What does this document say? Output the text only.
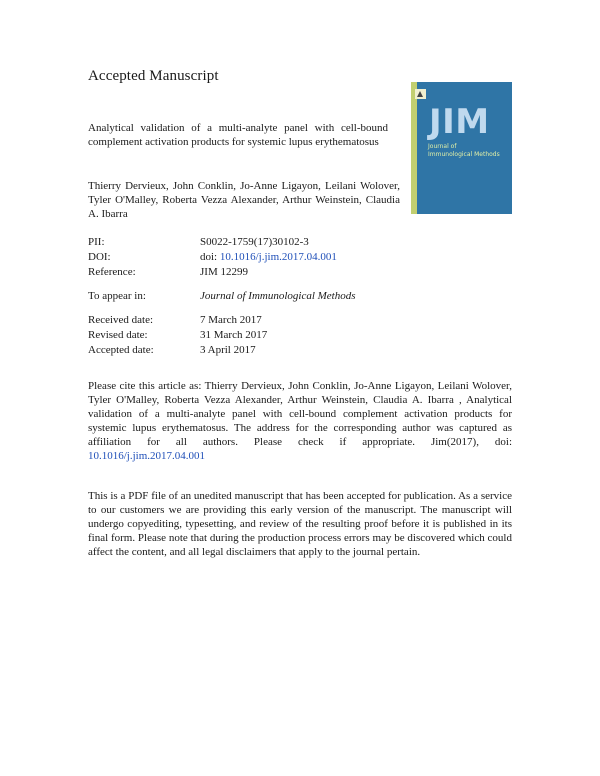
Accepted Manuscript
Analytical validation of a multi-analyte panel with cell-bound complement activation products for systemic lupus erythematosus
Thierry Dervieux, John Conklin, Jo-Anne Ligayon, Leilani Wolover, Tyler O'Malley, Roberta Vezza Alexander, Arthur Weinstein, Claudia A. Ibarra
JIM
Journal of
Immunological Methods
PII:	S0022-1759(17)30102-3
DOI:	doi: 10.1016/j.jim.2017.04.001
Reference:	JIM 12299
To appear in:	Journal of Immunological Methods
Received date:	7 March 2017
Revised date:	31 March 2017
Accepted date:	3 April 2017

Please cite this article as: Thierry Dervieux, John Conklin, Jo-Anne Ligayon, Leilani Wolover, Tyler O'Malley, Roberta Vezza Alexander, Arthur Weinstein, Claudia A. Ibarra , Analytical validation of a multi-analyte panel with cell-bound complement activation products for systemic lupus erythematosus. The address for the corresponding author was captured as affiliation for all authors. Please check if appropriate. Jim(2017), doi: 10.1016/j.jim.2017.04.001

This is a PDF file of an unedited manuscript that has been accepted for publication. As a service to our customers we are providing this early version of the manuscript. The manuscript will undergo copyediting, typesetting, and review of the resulting proof before it is published in its final form. Please note that during the production process errors may be discovered which could affect the content, and all legal disclaimers that apply to the journal pertain.
